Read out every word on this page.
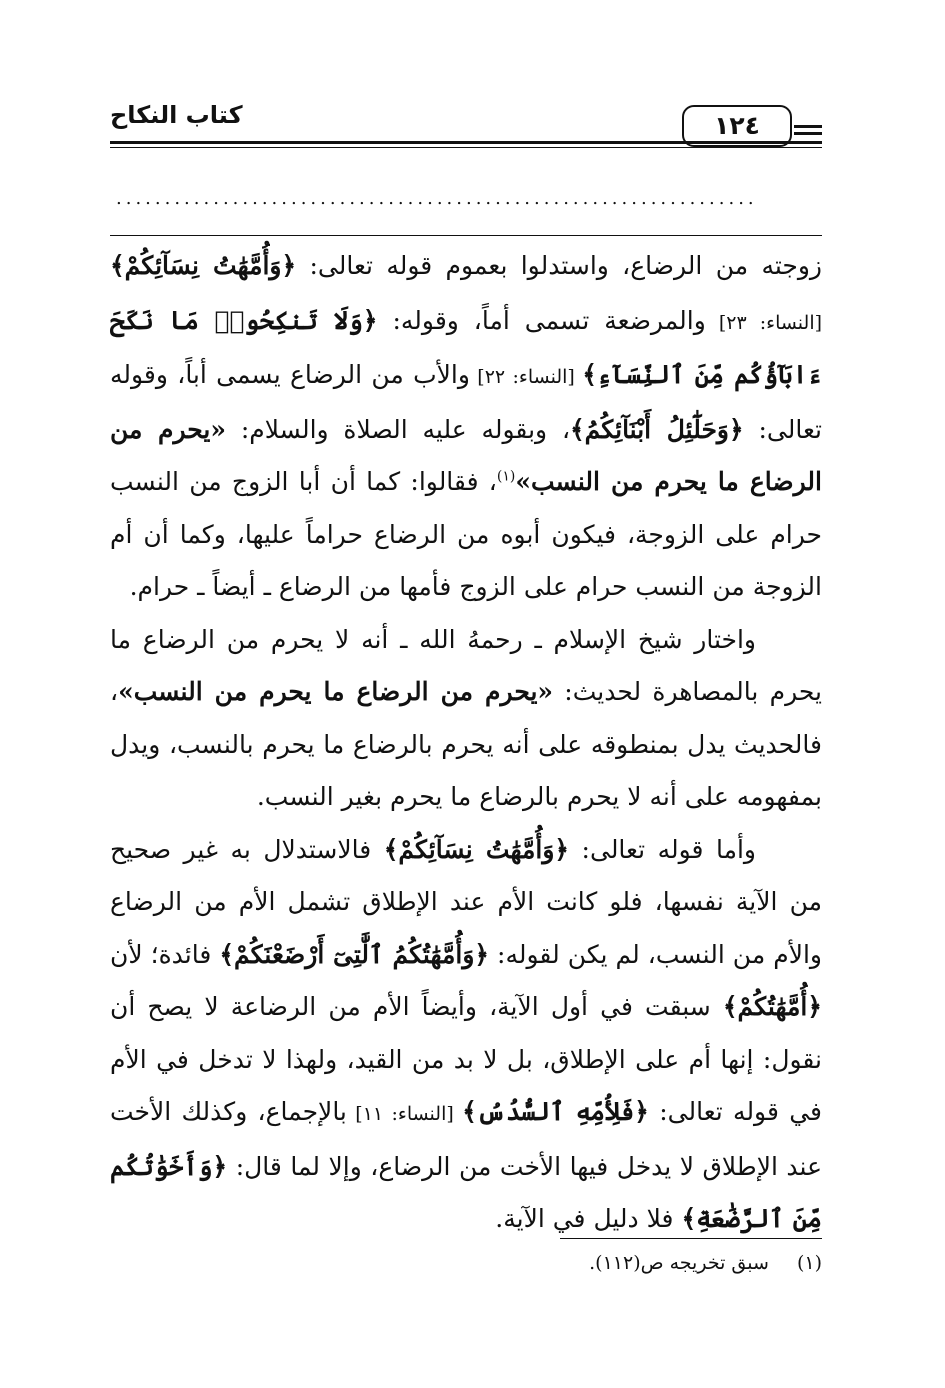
كتاب النكاح	١٢٤
..................................................................

زوجته من الرضاع، واستدلوا بعموم قوله تعالى: ﴿وَأُمَّهَٰتُ نِسَآئِكُمْ﴾ [النساء: ٢٣] والمرضعة تسمى أماً، وقوله: ﴿وَلَا تَنكِحُوا۟ مَا نَكَحَ ءَابَآؤُكُم مِّنَ ٱلنِّسَآءِ﴾ [النساء: ٢٢] والأب من الرضاع يسمى أباً، وقوله تعالى: ﴿وَحَلَٰٓئِلُ أَبْنَآئِكُمُ﴾، وبقوله عليه الصلاة والسلام: «يحرم من الرضاع ما يحرم من النسب»$^{(١)}$، فقالوا: كما أن أبا الزوج من النسب حرام على الزوجة، فيكون أبوه من الرضاع حراماً عليها، وكما أن أم الزوجة من النسب حرام على الزوج فأمها من الرضاع ـ أيضاً ـ حرام.

واختار شيخ الإسلام ـ رحمهُ الله ـ أنه لا يحرم من الرضاع ما يحرم بالمصاهرة لحديث: «يحرم من الرضاع ما يحرم من النسب»، فالحديث يدل بمنطوقه على أنه يحرم بالرضاع ما يحرم بالنسب، ويدل بمفهومه على أنه لا يحرم بالرضاع ما يحرم بغير النسب.

وأما قوله تعالى: ﴿وَأُمَّهَٰتُ نِسَآئِكُمْ﴾ فالاستدلال به غير صحيح من الآية نفسها، فلو كانت الأم عند الإطلاق تشمل الأم من الرضاع والأم من النسب، لم يكن لقوله: ﴿وَأُمَّهَٰتُكُمُ ٱلَّٰتِىٓ أَرْضَعْنَكُمْ﴾ فائدة؛ لأن ﴿أُمَّهَٰتُكُمْ﴾ سبقت في أول الآية، وأيضاً الأم من الرضاعة لا يصح أن نقول: إنها أم على الإطلاق، بل لا بد من القيد، ولهذا لا تدخل في الأم في قوله تعالى: ﴿فَلِأُمِّهِ ٱلسُّدُسُ﴾ [النساء: ١١] بالإجماع، وكذلك الأخت عند الإطلاق لا يدخل فيها الأخت من الرضاع، وإلا لما قال: ﴿وَأَخَوَٰتُكُم مِّنَ ٱلرَّضَٰعَةِ﴾ فلا دليل في الآية.

(١)سبق تخريجه ص(١١٢).
